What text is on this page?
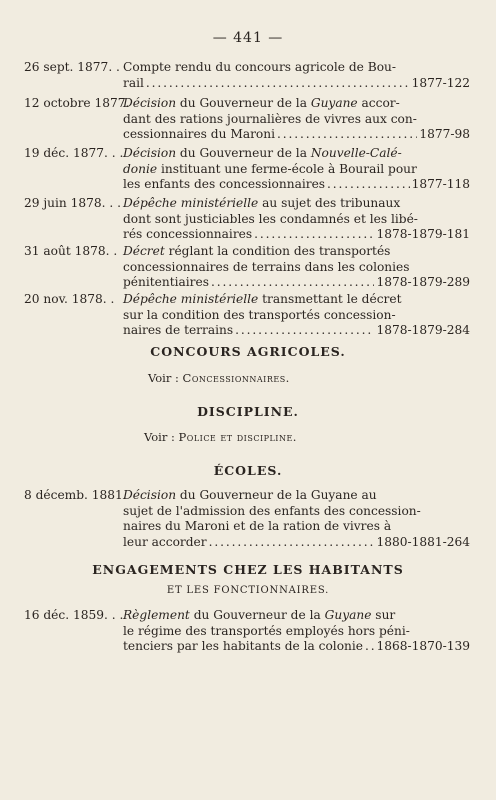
— 441 —
26 sept. 1877. . Compte rendu du concours agricole de Bou-
rail . . .	1877-122
12 octobre 1877.
Décision du Gouverneur de la Guyane accor-
dant des rations journalières de vivres aux con-
cessionnaires du Maroni . . .	1877-98
19 déc. 1877. . . Décision du Gouverneur de la Nouvelle-Calé-
donie instituant une ferme-école à Bourail pour
les enfants des concessionnaires . . .	1877-118
29 juin 1878. . . Dépêche ministérielle au sujet des tribunaux
dont sont justiciables les condamnés et les libé-
rés concessionnaires . . .	1878-1879-181
31 août 1878. . Décret réglant la condition des transportés
concessionnaires de terrains dans les colonies
pénitentiaires . . .	1878-1879-289
20 nov. 1878. . Dépêche ministérielle transmettant le décret
sur la condition des transportés concession-
naires de terrains . . .	1878-1879-284
CONCOURS AGRICOLES.
Voir : Concessionnaires.
DISCIPLINE.
Voir : Police et discipline.
ÉCOLES.
8 décemb. 1881.
Décision du Gouverneur de la Guyane au
sujet de l'admission des enfants des concession-
naires du Maroni et de la ration de vivres à
leur accorder . . .	1880-1881-264
ENGAGEMENTS CHEZ LES HABITANTS
ET LES FONCTIONNAIRES.
16 déc. 1859. . . Règlement du Gouverneur de la Guyane sur
le régime des transportés employés hors péni-
tenciers par les habitants de la colonie . . . 1868-1870-139
